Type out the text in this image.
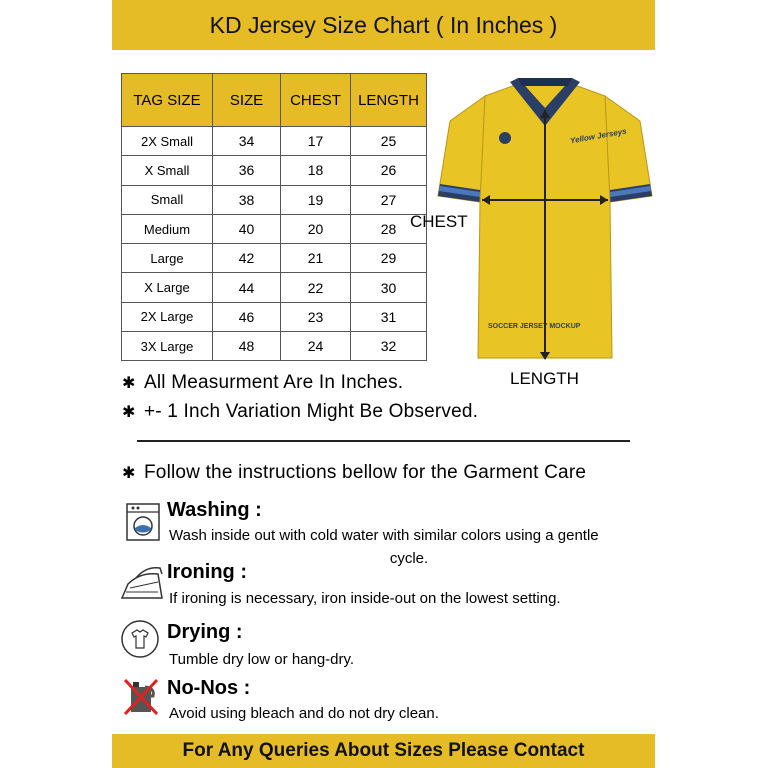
KD Jersey Size Chart ( In Inches )
TAG SIZE	SIZE	CHEST	LENGTH
2X Small	34	17	25
X Small	36	18	26
Small	38	19	27
Medium	40	20	28
Large	42	21	29
X Large	44	22	30
2X Large	46	23	31
3X Large	48	24	32
Yellow Jerseys
SOCCER JERSEY MOCKUP
CHEST
LENGTH
✱ All Measurment Are In Inches.
✱ +- 1 Inch Variation Might Be Observed.
✱ Follow the instructions bellow for the Garment Care
Washing :
Wash inside out with cold water with similar colors using a gentle
cycle.
Ironing :
If ironing is necessary, iron inside-out on the lowest setting.
Drying :
Tumble dry low or hang-dry.
No-Nos :
Avoid using bleach and do not dry clean.
For Any Queries About Sizes Please Contact
